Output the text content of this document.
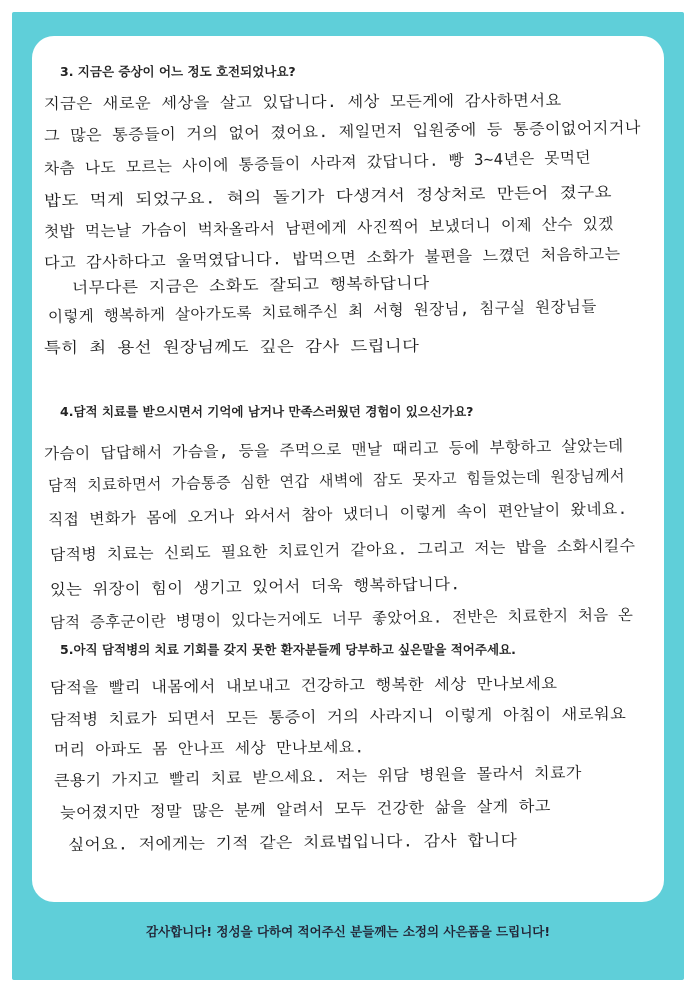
3. 지금은 증상이 어느 정도 호전되었나요?
지금은 새로운 세상을 살고 있답니다. 세상 모든게에 감사하면서요
그 많은 통증들이 거의 없어 졌어요. 제일먼저 입원중에 등 통증이없어지거나
차츰 나도 모르는 사이에 통증들이 사라져 갔답니다. 빵 3~4년은 못먹던
밥도 먹게 되었구요. 혀의 돌기가 다생겨서 정상처로 만든어 졌구요
첫밥 먹는날 가슴이 벅차올라서 남편에게 사진찍어 보냈더니 이제 산수 있겠
다고 감사하다고 울먹였답니다. 밥먹으면 소화가 불편을 느꼈던 처음하고는
너무다른 지금은 소화도 잘되고 행복하답니다
이렇게 행복하게 살아가도록 치료해주신 최 서형 원장님, 침구실 원장님들
특히 최 용선 원장님께도 깊은 감사 드립니다
4.담적 치료를 받으시면서 기억에 남거나 만족스러웠던 경험이 있으신가요?
가슴이 답답해서 가슴을, 등을 주먹으로 맨날 때리고 등에 부항하고 살았는데
담적 치료하면서 가슴통증 심한 연갑 새벽에 잠도 못자고 힘들었는데 원장님께서
직접 변화가 몸에 오거나 와서서 참아 냈더니 이렇게 속이 편안날이 왔네요.
담적병 치료는 신뢰도 필요한 치료인거 같아요. 그리고 저는 밥을 소화시킬수
있는 위장이 힘이 생기고 있어서 더욱 행복하답니다.
담적 증후군이란 병명이 있다는거에도 너무 좋았어요. 전반은 치료한지 처음 온
5.아직 담적병의 치료 기회를 갖지 못한 환자분들께 당부하고 싶은말을 적어주세요.
담적을 빨리 내몸에서 내보내고 건강하고 행복한 세상 만나보세요
담적병 치료가 되면서 모든 통증이 거의 사라지니 이렇게 아침이 새로워요
머리 아파도 몸 안나프 세상 만나보세요.
큰용기 가지고 빨리 치료 받으세요. 저는 위담 병원을 몰라서 치료가
늦어졌지만 정말 많은 분께 알려서 모두 건강한 삶을 살게 하고
싶어요. 저에게는 기적 같은 치료법입니다. 감사 합니다
감사합니다! 정성을 다하여 적어주신 분들께는 소정의 사은품을 드립니다!
